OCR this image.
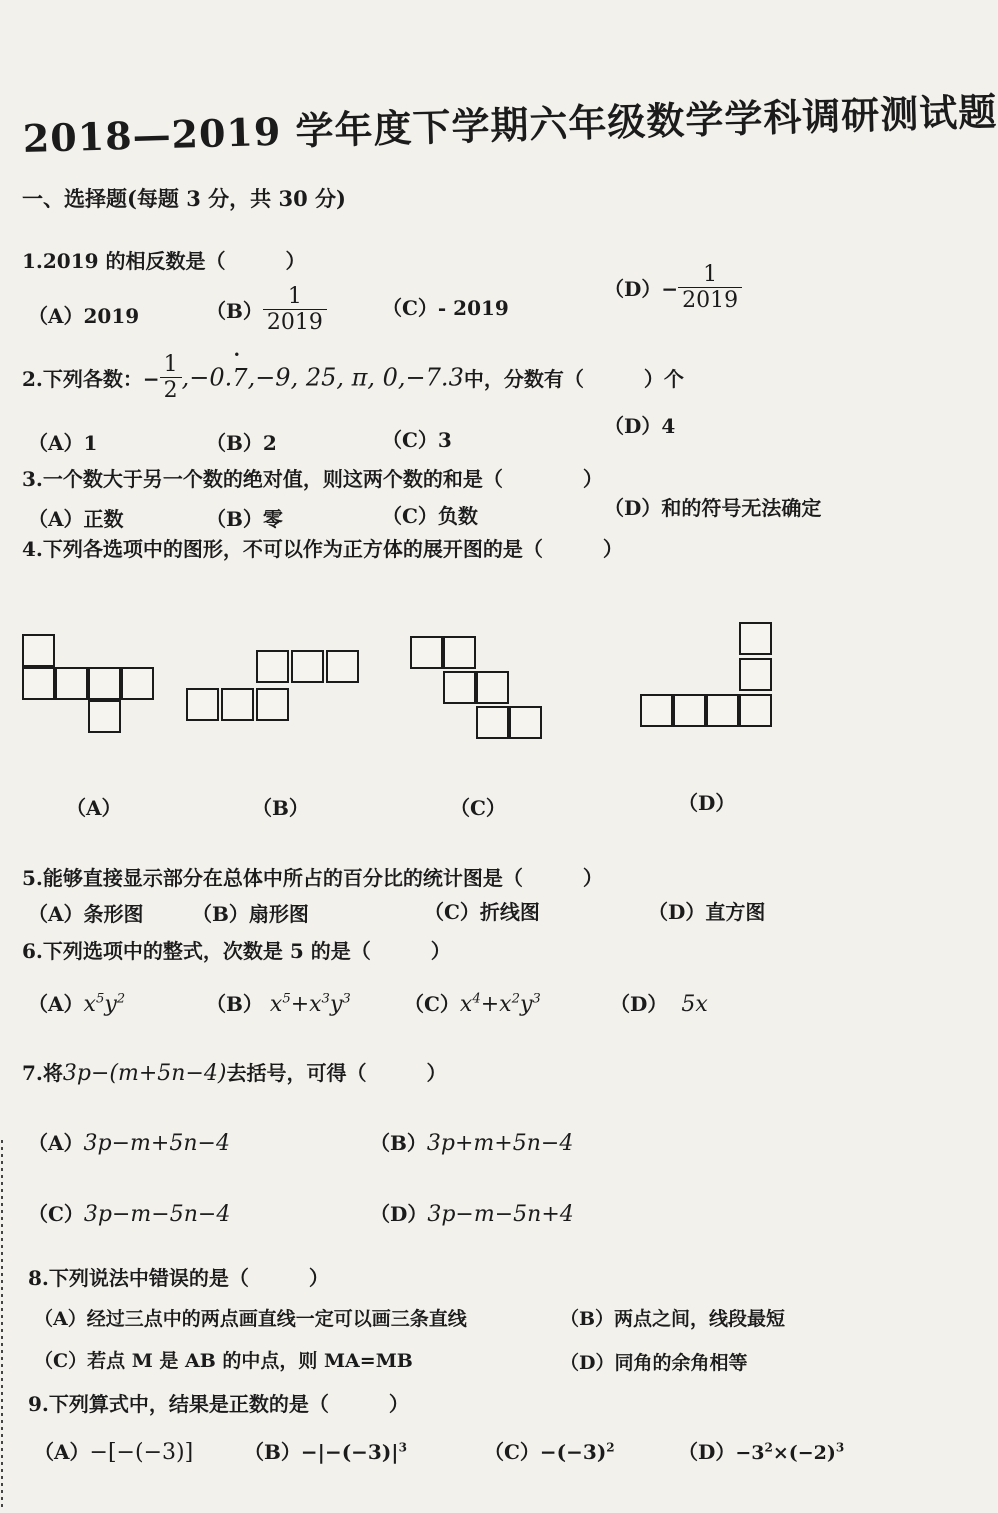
2018—2019 学年度下学期六年级数学学科调研测试题
一、选择题(每题 3 分，共 30 分)
1.2019 的相反数是（　　　）
（A）2019	$(B) \frac{1}{2019}$	（C）- 2019
$(D)- \frac{1}{2019}$
2.下列各数：− $\frac{1}{2}$ ,−0.• 7,−9, 25, π, 0,−7.3中，分数有（　　　）个
（A）1	（B）2	（C）3
（D）4
3.一个数大于另一个数的绝对值，则这两个数的和是（　　　　）
（A）正数	（B）零	（C）负数	（D）和的符号无法确定
4.下列各选项中的图形，不可以作为正方体的展开图的是（　　　）
（A）	（B）	（C）	（D）
5.能够直接显示部分在总体中所占的百分比的统计图是（　　　）
（A）条形图 （B）扇形图	（C）折线图	（D）直方图
6.下列选项中的整式，次数是 5 的是（　　　）
$(A)x^5y^2$	（B） $x^5+x^3y^3$	$(C)x^4+x^2y^3$	（D） 5x
7.将3p−(m+5n−4)去括号，可得（　　　）
（A）3p−m+5n−4	（B）3p+m+5n−4
（C）3p−m−5n−4	（D）3p−m−5n+4
8.下列说法中错误的是（　　　）
（A）经过三点中的两点画直线一定可以画三条直线	（B）两点之间，线段最短
（C）若点 M 是 AB 的中点，则 MA=MB	（D）同角的余角相等
9.下列算式中，结果是正数的是（　　　）
（A）−[−(−3)]	$(B)-|-(-3)|^3$	$(C)-(-3)^2$	$(D)-3^2\times(-2)^3$
